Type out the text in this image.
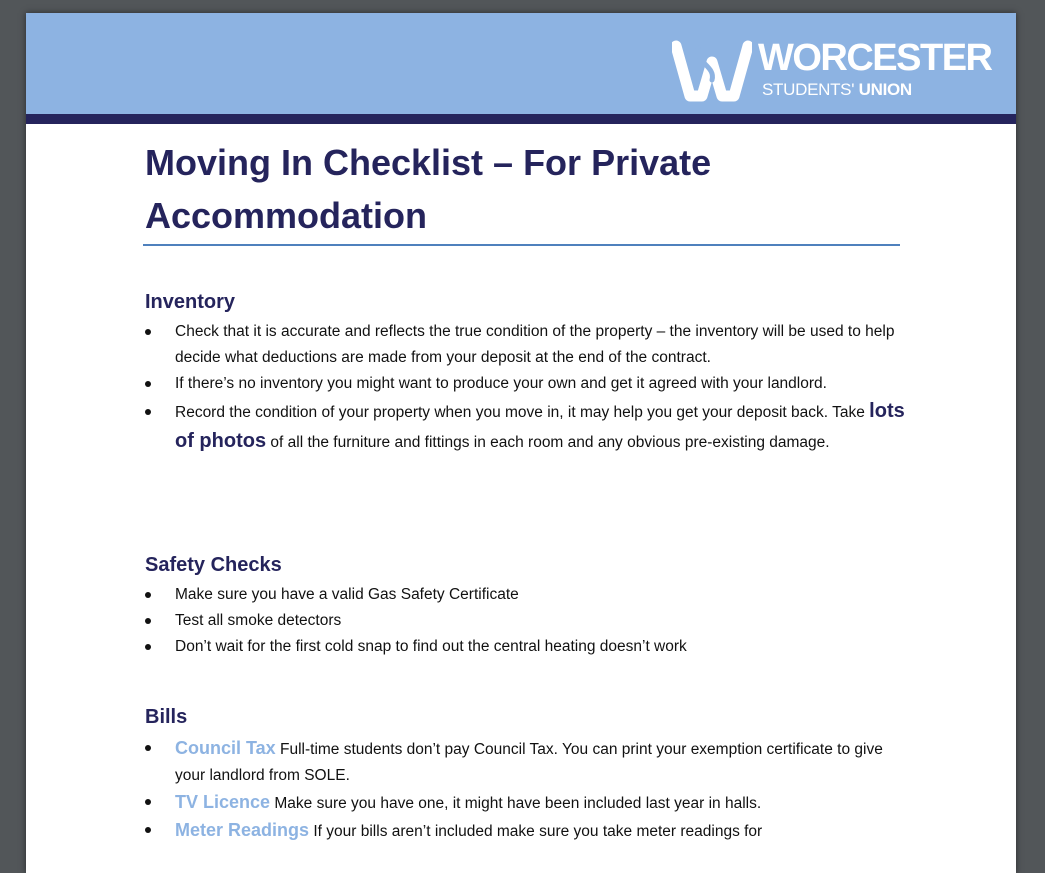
WORCESTER
STUDENTS' UNION
Moving In Checklist – For Private
Accommodation
Inventory
Check that it is accurate and reflects the true condition of the property – the inventory will be used to help decide what deductions are made from your deposit at the end of the contract.
If there’s no inventory you might want to produce your own and get it agreed with your landlord.
Record the condition of your property when you move in, it may help you get your deposit back. Take lots of photos of all the furniture and fittings in each room and any obvious pre-existing damage.
Safety Checks
Make sure you have a valid Gas Safety Certificate
Test all smoke detectors
Don’t wait for the first cold snap to find out the central heating doesn’t work
Bills
Council Tax Full-time students don’t pay Council Tax. You can print your exemption certificate to give your landlord from SOLE.
TV Licence Make sure you have one, it might have been included last year in halls.
Meter Readings If your bills aren’t included make sure you take meter readings for
